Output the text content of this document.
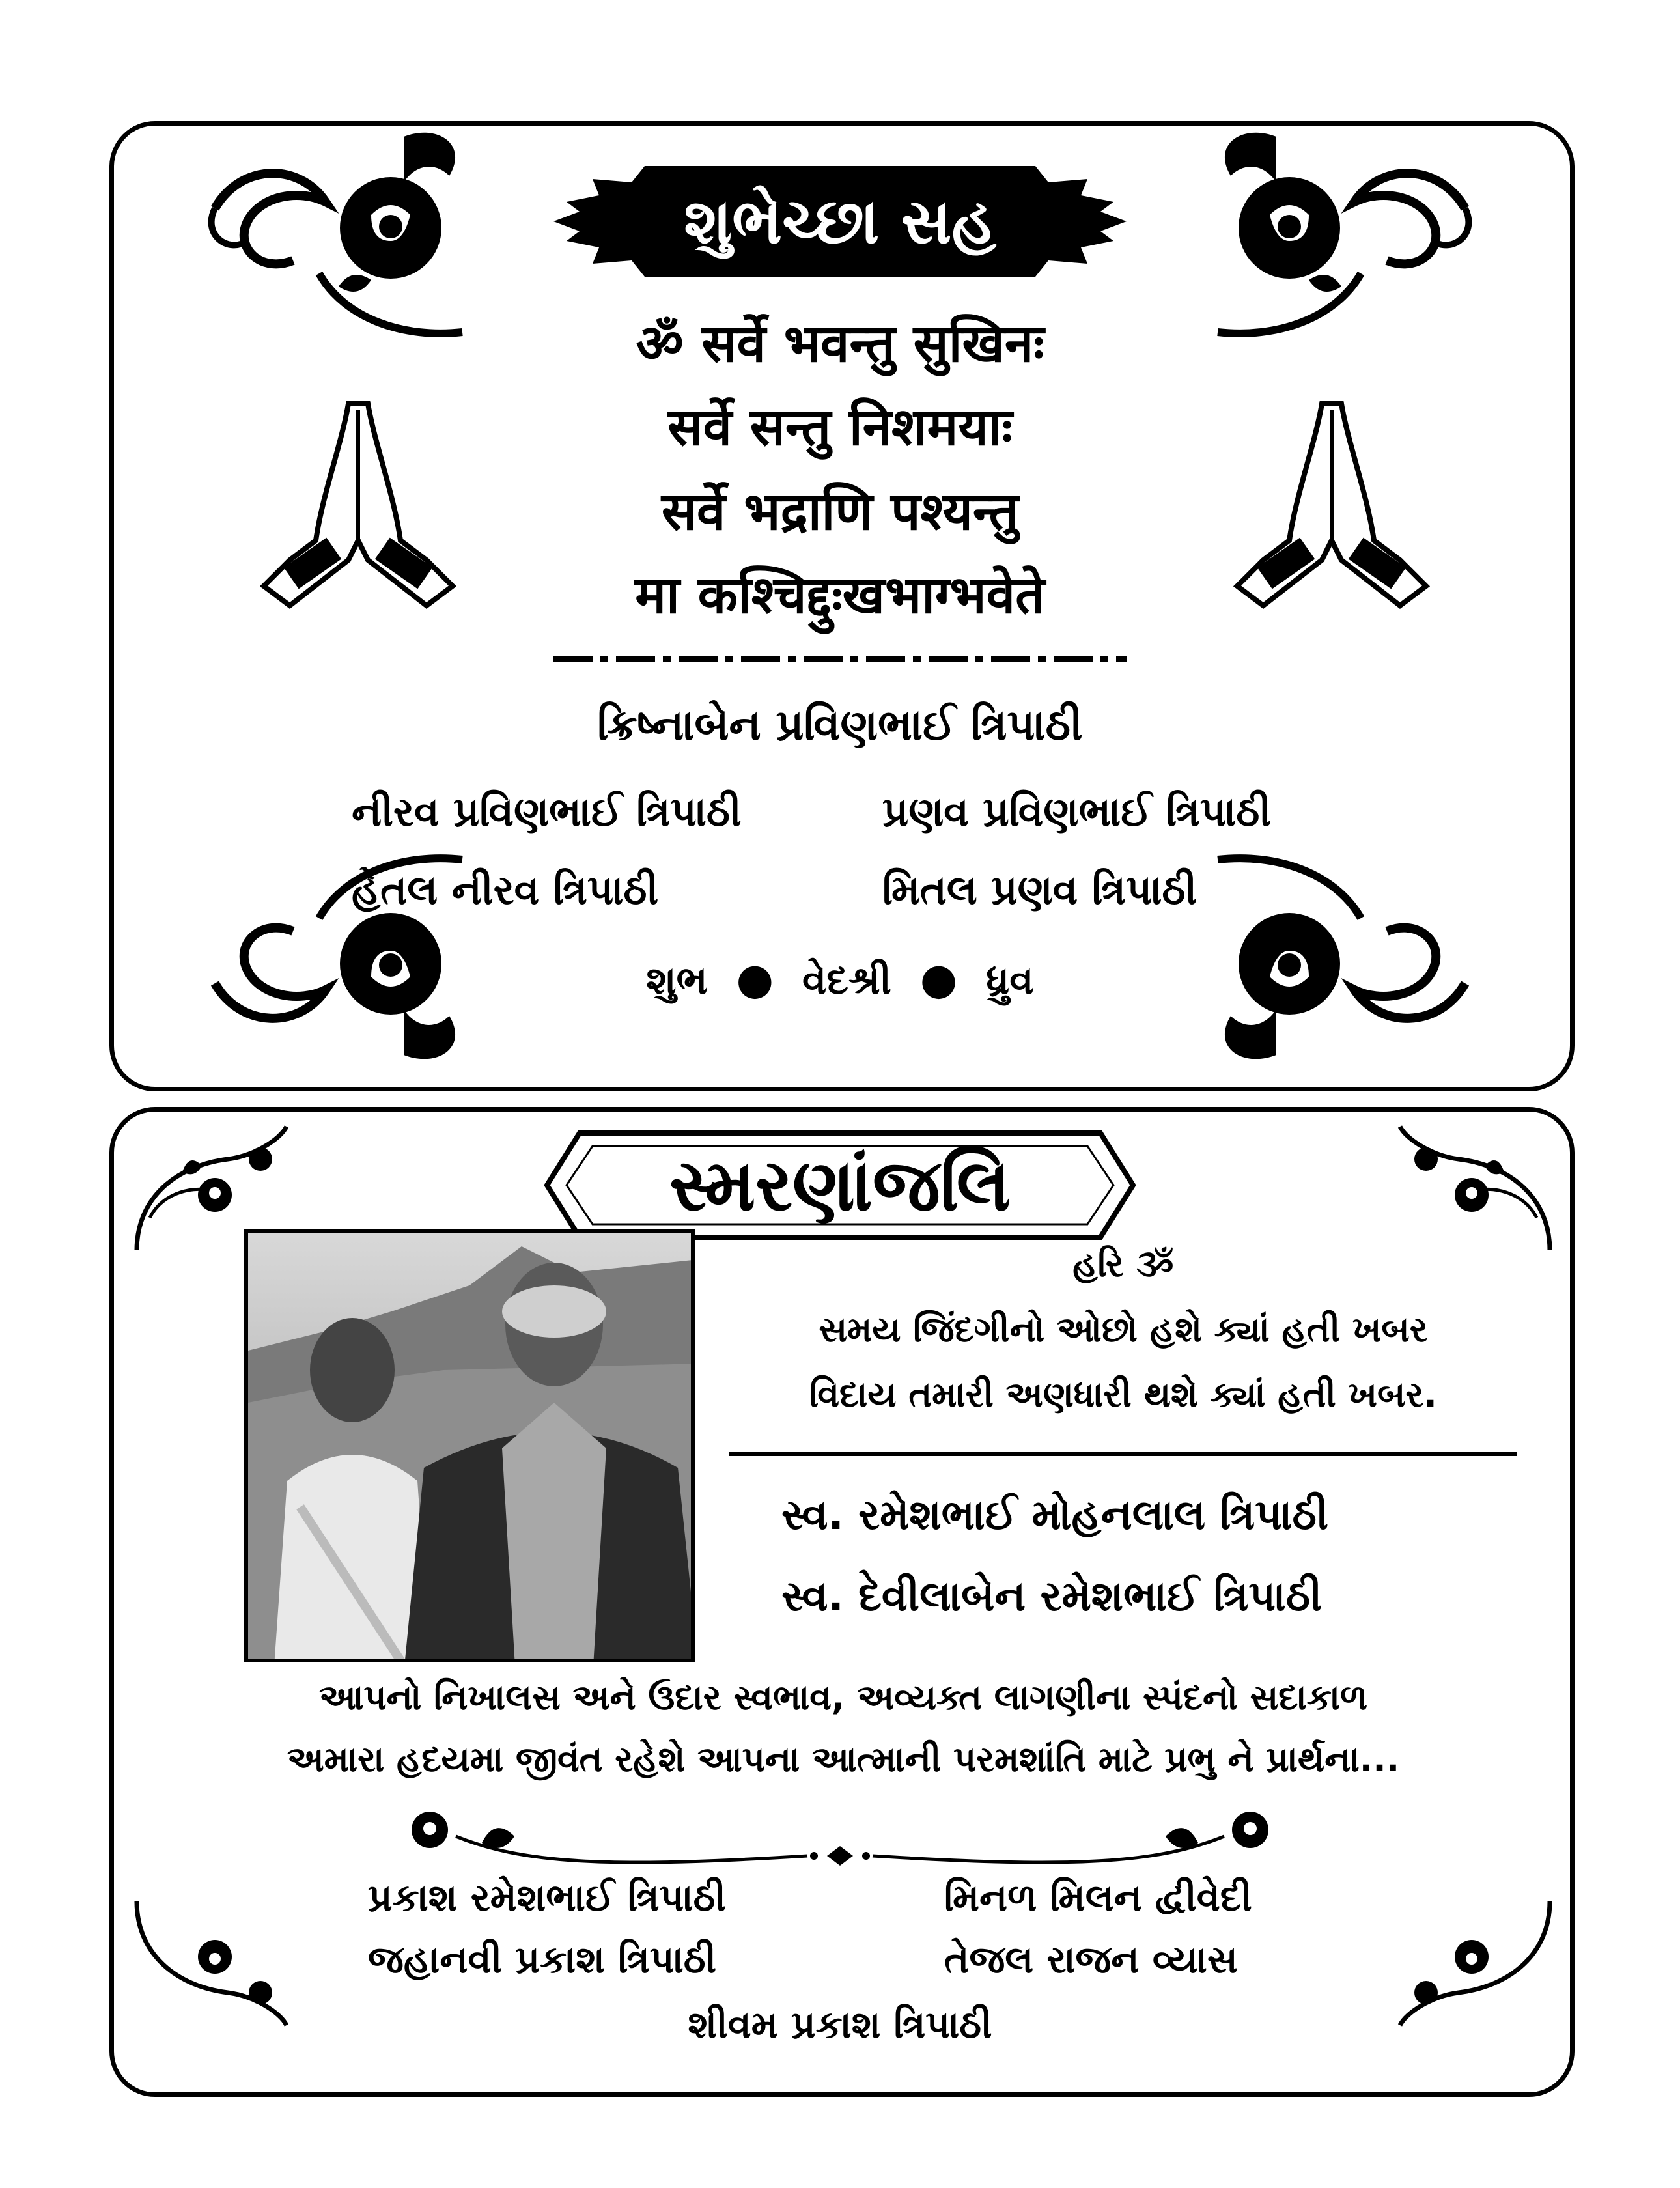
શુભેચ્છા સહ
ॐ सर्वे भवन्तु सुखिनः
सर्वे सन्तु निशमयाः
सर्वे भद्राणि पश्यन्तु
मा कश्चिद्दुःखभाग्भवेते
ક્રિષ્નાબેન પ્રવિણભાઈ ત્રિપાઠી
નીરવ પ્રવિણભાઈ ત્રિપાઠી	પ્રણવ પ્રવિણભાઈ ત્રિપાઠી
હેતલ નીરવ ત્રિપાઠી	મિતલ પ્રણવ ત્રિપાઠી
શુભ  ●  વેદશ્રી  ●  ધ્રુવ
સ્મરણાંજલિ
હરિ ૐ
સમય જિંદગીનો ઓછો હશે ક્યાં હતી ખબર
વિદાય તમારી અણધારી થશે ક્યાં હતી ખબર.
સ્વ. રમેશભાઈ મોહનલાલ ત્રિપાઠી
સ્વ. દેવીલાબેન રમેશભાઈ ત્રિપાઠી
આપનો નિખાલસ અને ઉદાર સ્વભાવ, અવ્યક્ત લાગણીના સ્પંદનો સદાકાળ
અમારા હદયમા જીવંત રહેશે આપના આત્માની પરમશાંતિ માટે પ્રભુ ને પ્રાર્થના...
પ્રકાશ રમેશભાઈ ત્રિપાઠી	મિનળ મિલન દ્વીવેદી
જહાનવી પ્રકાશ ત્રિપાઠી	તેજલ રાજન વ્યાસ
શીવમ પ્રકાશ ત્રિપાઠી
